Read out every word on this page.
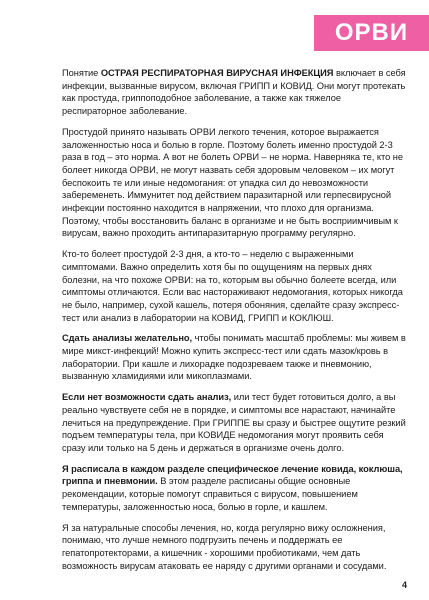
ОРВИ

Понятие ОСТРАЯ РЕСПИРАТОРНАЯ ВИРУСНАЯ ИНФЕКЦИЯ включает в себя инфекции, вызванные вирусом, включая ГРИПП и КОВИД. Они могут протекать как простуда, гриппоподобное заболевание, а также как тяжелое респираторное заболевание.

Простудой принято называть ОРВИ легкого течения, которое выражается заложенностью носа и болью в горле. Поэтому болеть именно простудой 2-3 раза в год – это норма. А вот не болеть ОРВИ – не норма. Наверняка те, кто не болеет никогда ОРВИ, не могут назвать себя здоровым человеком – их могут беспокоить те или иные недомогания: от упадка сил до невозможности забеременеть. Иммунитет под действием паразитарной или герпесвирусной инфекции постоянно находится в напряжении, что плохо для организма. Поэтому, чтобы восстановить баланс в организме и не быть восприимчивым к вирусам, важно проходить антипаразитарную программу регулярно.

Кто-то болеет простудой 2-3 дня, а кто-то – неделю с выраженными симптомами. Важно определить хотя бы по ощущениям на первых днях болезни, на что похоже ОРВИ: на то, которым вы обычно болеете всегда, или симптомы отличаются. Если вас настораживают недомогания, которых никогда не было, например, сухой кашель, потеря обоняния, сделайте сразу экспресс-тест или анализ в лаборатории на КОВИД, ГРИПП и КОКЛЮШ.

Сдать анализы желательно, чтобы понимать масштаб проблемы: мы живем в мире микст-инфекций! Можно купить экспресс-тест или сдать мазок/кровь в лаборатории. При кашле и лихорадке подозреваем также и пневмонию, вызванную хламидиями или микоплазмами.

Если нет возможности сдать анализ, или тест будет готовиться долго, а вы реально чувствуете себя не в порядке, и симптомы все нарастают, начинайте лечиться на предупреждение. При ГРИППЕ вы сразу и быстрее ощутите резкий подъем температуры тела, при КОВИДЕ недомогания могут проявить себя сразу или только на 5 день и держаться в организме очень долго.

Я расписала в каждом разделе специфическое лечение ковида, коклюша, гриппа и пневмонии. В этом разделе расписаны общие основные рекомендации, которые помогут справиться с вирусом, повышением температуры, заложенностью носа, болью в горле, и кашлем.

Я за натуральные способы лечения, но, когда регулярно вижу осложнения, понимаю, что лучше немного подгрузить печень и поддержать ее гепатопротекторами, а кишечник - хорошими пробиотиками, чем дать возможность вирусам атаковать ее наряду с другими органами и сосудами.

4
